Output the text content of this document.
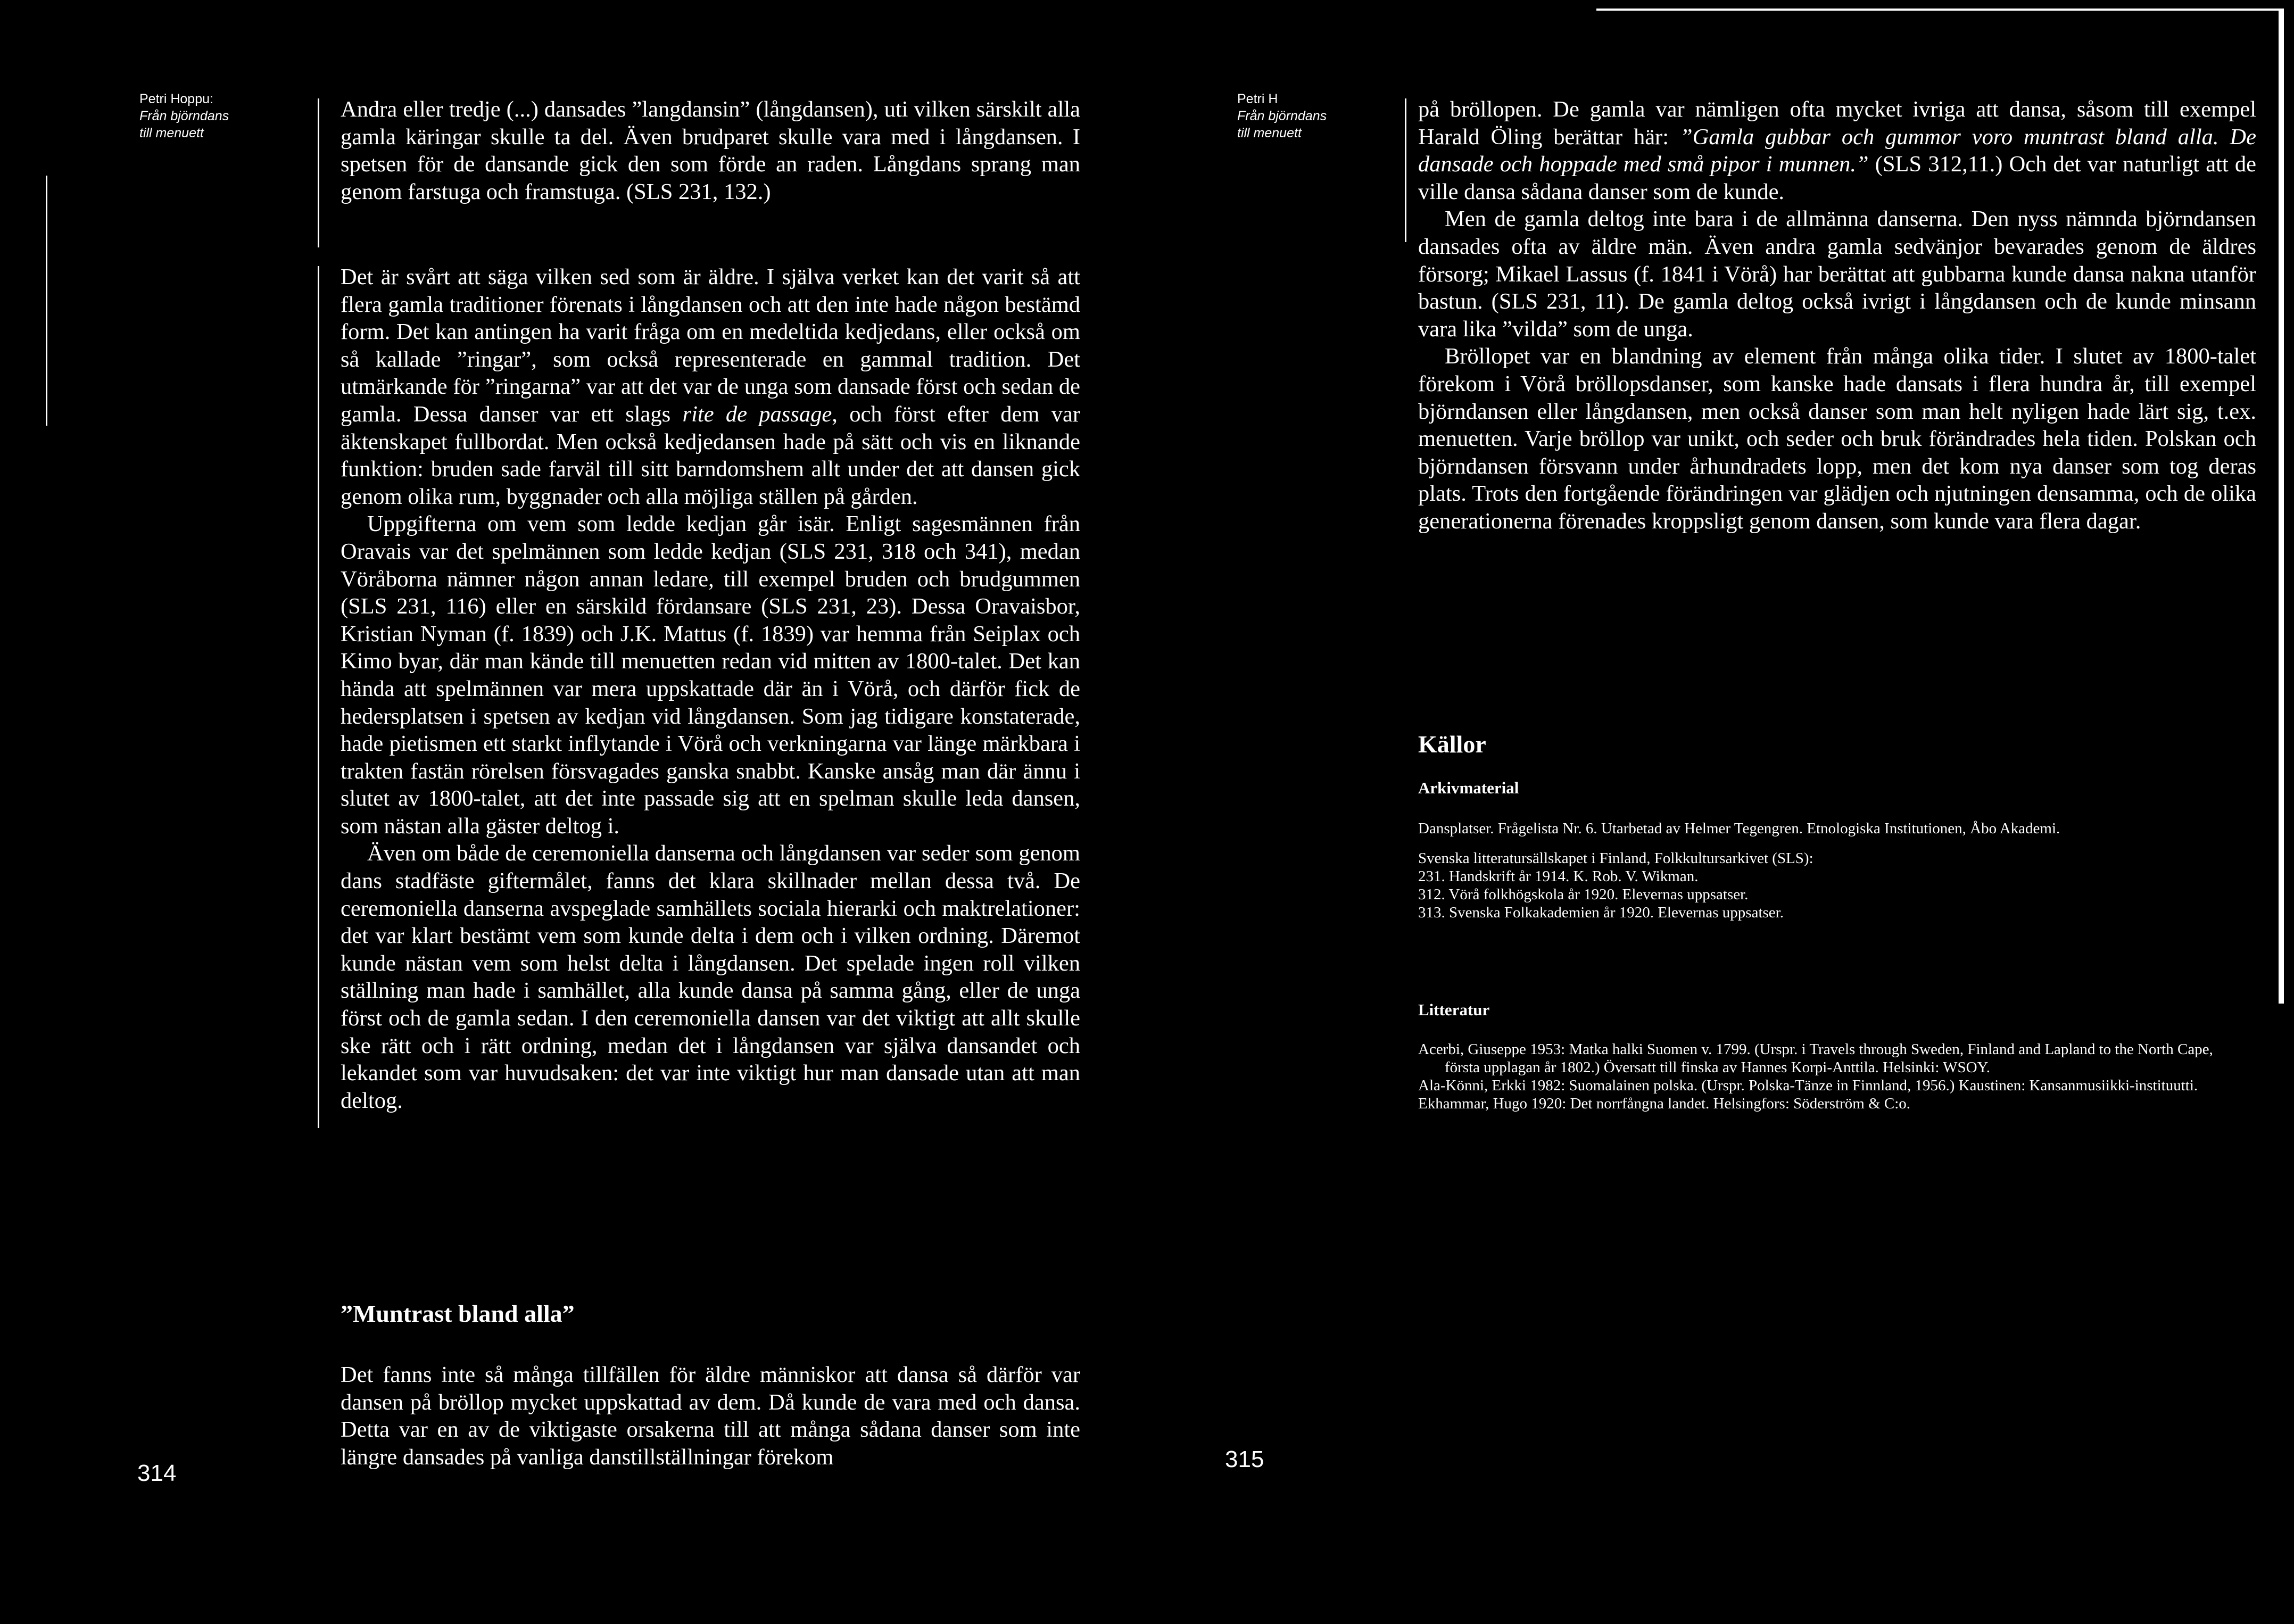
Petri Hoppu:
Från björndans
till menuett

Andra eller tredje (...) dansades ”langdansin” (långdansen), uti vilken särskilt alla gamla käringar skulle ta del. Även brudparet skulle vara med i långdansen. I spetsen för de dansande gick den som förde an raden. Långdans sprang man genom farstuga och framstuga. (SLS 231, 132.)

Det är svårt att säga vilken sed som är äldre. I själva verket kan det varit så att flera gamla traditioner förenats i långdansen och att den inte hade någon bestämd form. Det kan antingen ha varit fråga om en medeltida kedjedans, eller också om så kallade ”ringar”, som också representerade en gammal tradition. Det utmärkande för ”ringarna” var att det var de unga som dansade först och sedan de gamla. Dessa danser var ett slags rite de passage, och först efter dem var äktenskapet fullbordat. Men också kedjedansen hade på sätt och vis en liknande funktion: bruden sade farväl till sitt barndomshem allt under det att dansen gick genom olika rum, byggnader och alla möjliga ställen på gården.

Uppgifterna om vem som ledde kedjan går isär. Enligt sagesmännen från Oravais var det spelmännen som ledde kedjan (SLS 231, 318 och 341), medan Vöråborna nämner någon annan ledare, till exempel bruden och brudgummen (SLS 231, 116) eller en särskild fördansare (SLS 231, 23). Dessa Oravaisbor, Kristian Nyman (f. 1839) och J.K. Mattus (f. 1839) var hemma från Seiplax och Kimo byar, där man kände till menuetten redan vid mitten av 1800-talet. Det kan hända att spelmännen var mera uppskattade där än i Vörå, och därför fick de hedersplatsen i spetsen av kedjan vid långdansen. Som jag tidigare konstaterade, hade pietismen ett starkt inflytande i Vörå och verkningarna var länge märkbara i trakten fastän rörelsen försvagades ganska snabbt. Kanske ansåg man där ännu i slutet av 1800-talet, att det inte passade sig att en spelman skulle leda dansen, som nästan alla gäster deltog i.

Även om både de ceremoniella danserna och långdansen var seder som genom dans stadfäste giftermålet, fanns det klara skillnader mellan dessa två. De ceremoniella danserna avspeglade samhällets sociala hierarki och maktrelationer: det var klart bestämt vem som kunde delta i dem och i vilken ordning. Däremot kunde nästan vem som helst delta i långdansen. Det spelade ingen roll vilken ställning man hade i samhället, alla kunde dansa på samma gång, eller de unga först och de gamla sedan. I den ceremoniella dansen var det viktigt att allt skulle ske rätt och i rätt ordning, medan det i långdansen var själva dansandet och lekandet som var huvudsaken: det var inte viktigt hur man dansade utan att man deltog.

”Muntrast bland alla”

Det fanns inte så många tillfällen för äldre människor att dansa så därför var dansen på bröllop mycket uppskattad av dem. Då kunde de vara med och dansa. Detta var en av de viktigaste orsakerna till att många sådana danser som inte längre dansades på vanliga danstillställningar förekom

314
Petri H
Från björndans
till menuett

på bröllopen. De gamla var nämligen ofta mycket ivriga att dansa, såsom till exempel Harald Öling berättar här: ”Gamla gubbar och gummor voro muntrast bland alla. De dansade och hoppade med små pipor i munnen.” (SLS 312,11.) Och det var naturligt att de ville dansa sådana danser som de kunde.

Men de gamla deltog inte bara i de allmänna danserna. Den nyss nämnda björndansen dansades ofta av äldre män. Även andra gamla sedvänjor bevarades genom de äldres försorg; Mikael Lassus (f. 1841 i Vörå) har berättat att gubbarna kunde dansa nakna utanför bastun. (SLS 231, 11). De gamla deltog också ivrigt i långdansen och de kunde minsann vara lika ”vilda” som de unga.

Bröllopet var en blandning av element från många olika tider. I slutet av 1800-talet förekom i Vörå bröllopsdanser, som kanske hade dansats i flera hundra år, till exempel björndansen eller långdansen, men också danser som man helt nyligen hade lärt sig, t.ex. menuetten. Varje bröllop var unikt, och seder och bruk förändrades hela tiden. Polskan och björndansen försvann under århundradets lopp, men det kom nya danser som tog deras plats. Trots den fortgående förändringen var glädjen och njutningen densamma, och de olika generationerna förenades kroppsligt genom dansen, som kunde vara flera dagar.

Källor
Arkivmaterial

Dansplatser. Frågelista Nr. 6. Utarbetad av Helmer Tegengren. Etnologiska Institutionen, Åbo Akademi.

Svenska litteratursällskapet i Finland, Folkkultursarkivet (SLS):

231. Handskrift år 1914. K. Rob. V. Wikman.

312. Vörå folkhögskola år 1920. Elevernas uppsatser.

313. Svenska Folkakademien år 1920. Elevernas uppsatser.

Litteratur

Acerbi, Giuseppe 1953: Matka halki Suomen v. 1799. (Urspr. i Travels through Sweden, Finland and Lapland to the North Cape, första upplagan år 1802.) Översatt till finska av Hannes Korpi-Anttila. Helsinki: WSOY.

Ala-Könni, Erkki 1982: Suomalainen polska. (Urspr. Polska-Tänze in Finnland, 1956.) Kaustinen: Kansanmusiikki-instituutti.

Ekhammar, Hugo 1920: Det norrfångna landet. Helsingfors: Söderström & C:o.

315
